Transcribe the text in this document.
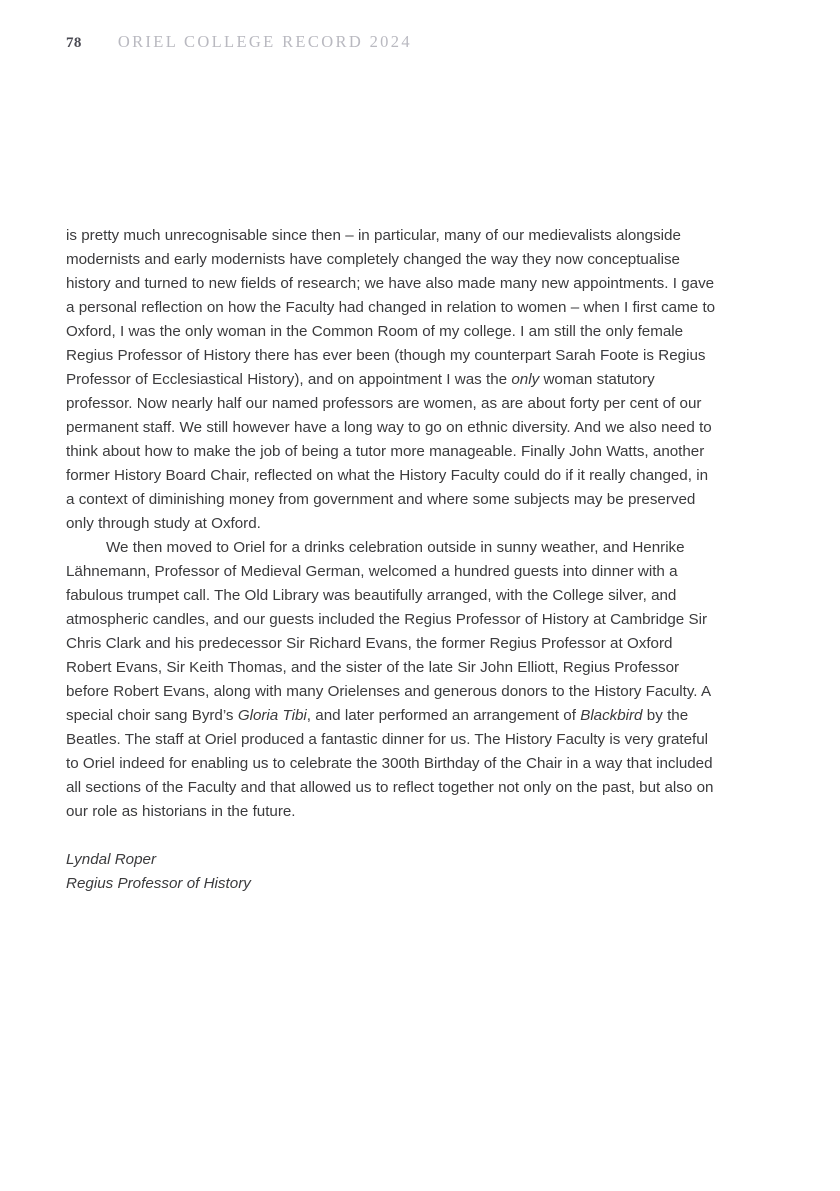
78 ORIEL COLLEGE RECORD 2024

is pretty much unrecognisable since then – in particular, many of our medievalists alongside modernists and early modernists have completely changed the way they now conceptualise history and turned to new fields of research; we have also made many new appointments. I gave a personal reflection on how the Faculty had changed in relation to women – when I first came to Oxford, I was the only woman in the Common Room of my college. I am still the only female Regius Professor of History there has ever been (though my counterpart Sarah Foote is Regius Professor of Ecclesiastical History), and on appointment I was the only woman statutory professor. Now nearly half our named professors are women, as are about forty per cent of our permanent staff. We still however have a long way to go on ethnic diversity. And we also need to think about how to make the job of being a tutor more manageable. Finally John Watts, another former History Board Chair, reflected on what the History Faculty could do if it really changed, in a context of diminishing money from government and where some subjects may be preserved only through study at Oxford.

We then moved to Oriel for a drinks celebration outside in sunny weather, and Henrike Lähnemann, Professor of Medieval German, welcomed a hundred guests into dinner with a fabulous trumpet call. The Old Library was beautifully arranged, with the College silver, and atmospheric candles, and our guests included the Regius Professor of History at Cambridge Sir Chris Clark and his predecessor Sir Richard Evans, the former Regius Professor at Oxford Robert Evans, Sir Keith Thomas, and the sister of the late Sir John Elliott, Regius Professor before Robert Evans, along with many Orielenses and generous donors to the History Faculty. A special choir sang Byrd’s Gloria Tibi, and later performed an arrangement of Blackbird by the Beatles. The staff at Oriel produced a fantastic dinner for us. The History Faculty is very grateful to Oriel indeed for enabling us to celebrate the 300th Birthday of the Chair in a way that included all sections of the Faculty and that allowed us to reflect together not only on the past, but also on our role as historians in the future.

Lyndal Roper

Regius Professor of History
